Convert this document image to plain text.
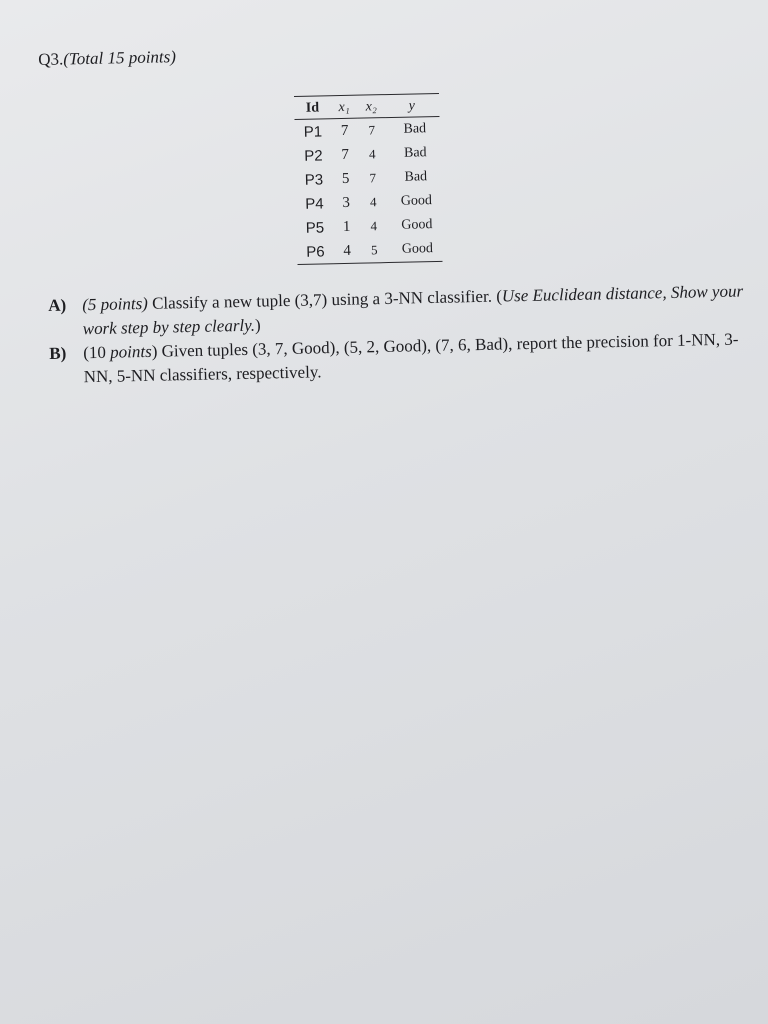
Q3.(Total 15 points)
Id	x₁	x₂	y
P1	7	7	Bad
P2	7	4	Bad
P3	5	7	Bad
P4	3	4	Good
P5	1	4	Good
P6	4	5	Good
A) (5 points) Classify a new tuple (3,7) using a 3-NN classifier. (Use Euclidean distance, Show your work step by step clearly.)
B) (10 points) Given tuples (3, 7, Good), (5, 2, Good), (7, 6, Bad), report the precision for 1-NN, 3-NN, 5-NN classifiers, respectively.
